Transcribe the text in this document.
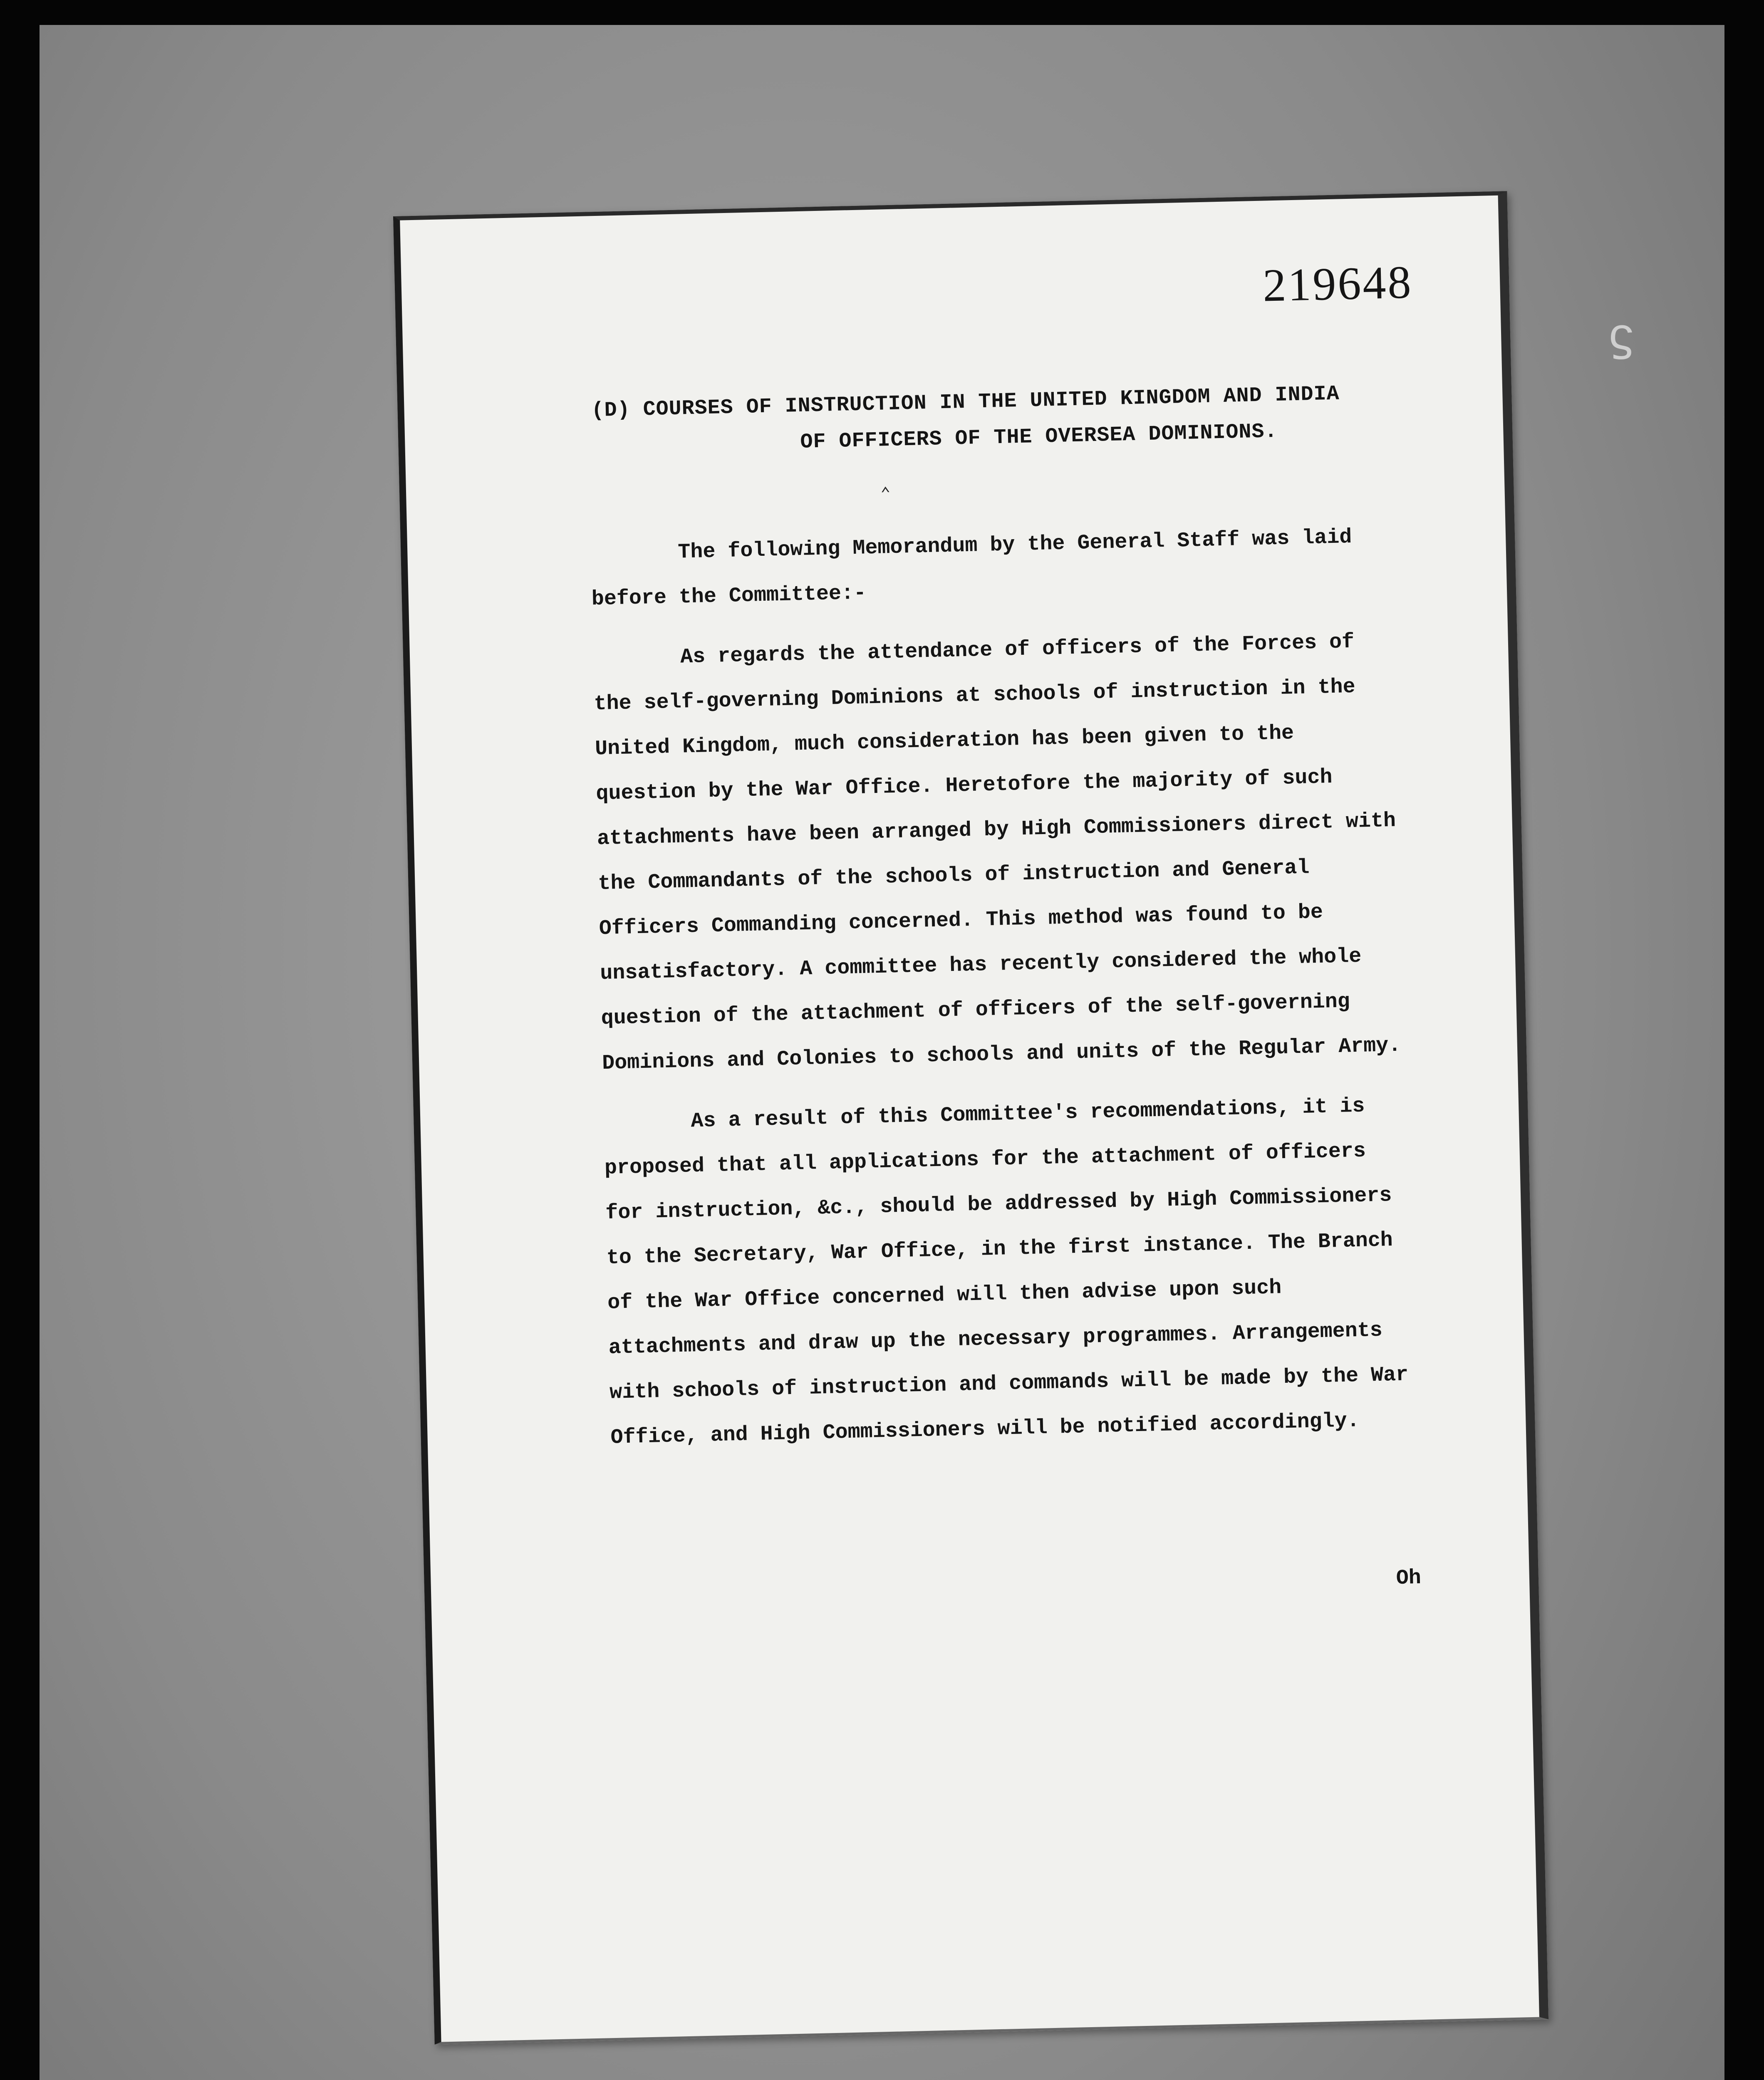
⌃

219648

(D) COURSES OF INSTRUCTION IN THE UNITED KINGDOM AND INDIA
OF OFFICERS OF THE OVERSEA DOMINIONS.

The following Memorandum by the General Staff was laid before the Committee:-

As regards the attendance of officers of the Forces of the self-governing Dominions at schools of instruction in the United Kingdom, much consideration has been given to the question by the War Office. Heretofore the majority of such attachments have been arranged by High Commissioners direct with the Commandants of the schools of instruction and General Officers Commanding concerned. This method was found to be unsatisfactory. A committee has recently considered the whole question of the attachment of officers of the self-governing Dominions and Colonies to schools and units of the Regular Army.

As a result of this Committee's recommendations, it is proposed that all applications for the attachment of officers for instruction, &c., should be addressed by High Commissioners to the Secretary, War Office, in the first instance. The Branch of the War Office concerned will then advise upon such attachments and draw up the necessary programmes. Arrangements with schools of instruction and commands will be made by the War Office, and High Commissioners will be notified accordingly.

Oh

ϛ
